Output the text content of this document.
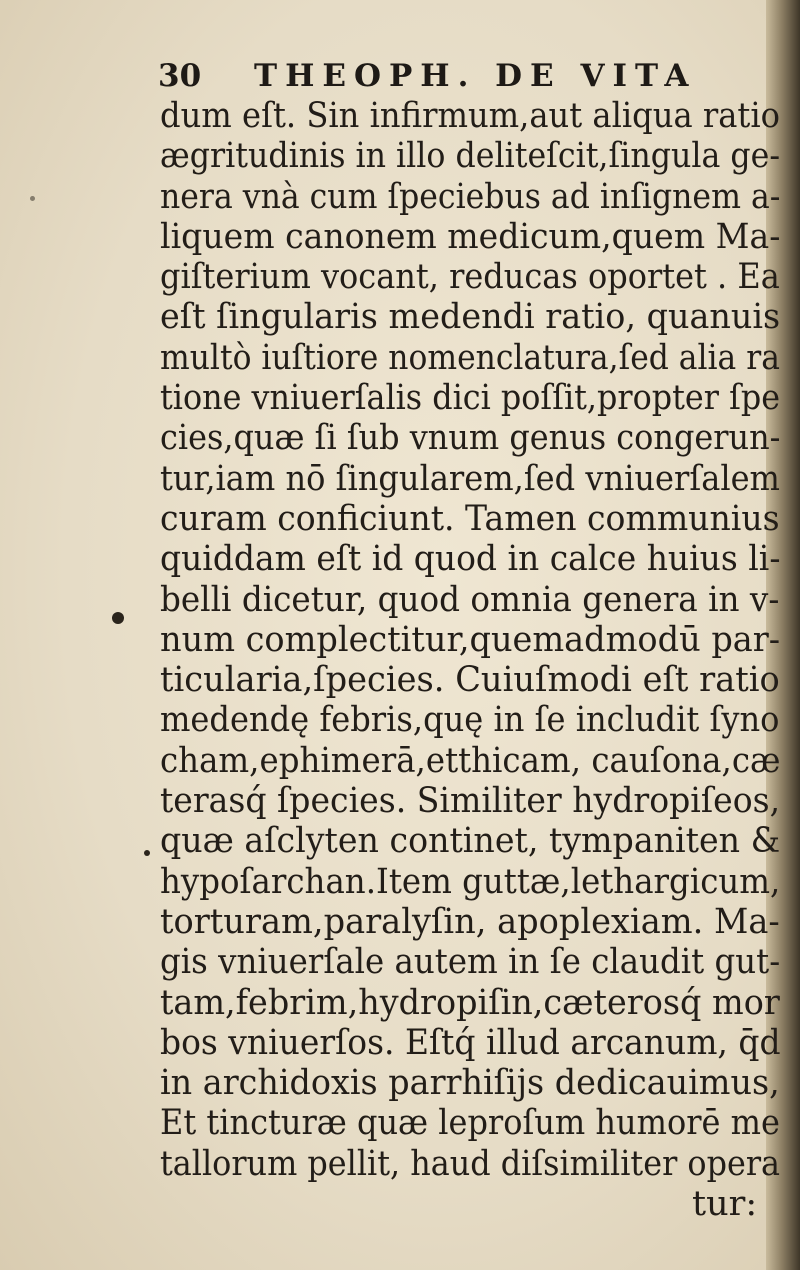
30 THEOPH. DE VITA
dum eſt. Sin infirmum,aut aliqua ratio ægritudinis in illo deliteſcit,ſingula ge- nera vnà cum ſpeciebus ad inſignem a- liquem canonem medicum,quem Ma- giſterium vocant, reducas oportet . Ea eſt ſingularis medendi ratio, quanuis multò iuſtiore nomenclatura,ſed alia ra tione vniuerſalis dici poſſit,propter ſpe cies,quæ ſi ſub vnum genus congerun- tur,iam nō ſingularem,ſed vniuerſalem curam conficiunt. Tamen communius quiddam eſt id quod in calce huius li- belli dicetur, quod omnia genera in v- num complectitur,quemadmodū par- ticularia,ſpecies. Cuiuſmodi eſt ratio medendę febris,quę in ſe includit ſyno cham,ephimerā,etthicam, cauſona,cæ terasq́ ſpecies. Similiter hydropiſeos, quæ aſclyten continet, tympaniten & hypoſarchan.Item guttæ,lethargicum, torturam,paralyſin, apoplexiam. Ma- gis vniuerſale autem in ſe claudit gut- tam,febrim,hydropiſin,cæterosq́ mor bos vniuerſos. Eſtq́ illud arcanum, q̄d in archidoxis parrhiſijs dedicauimus, Et tincturæ quæ leproſum humorē me tallorum pellit, haud diſsimiliter opera
tur:
